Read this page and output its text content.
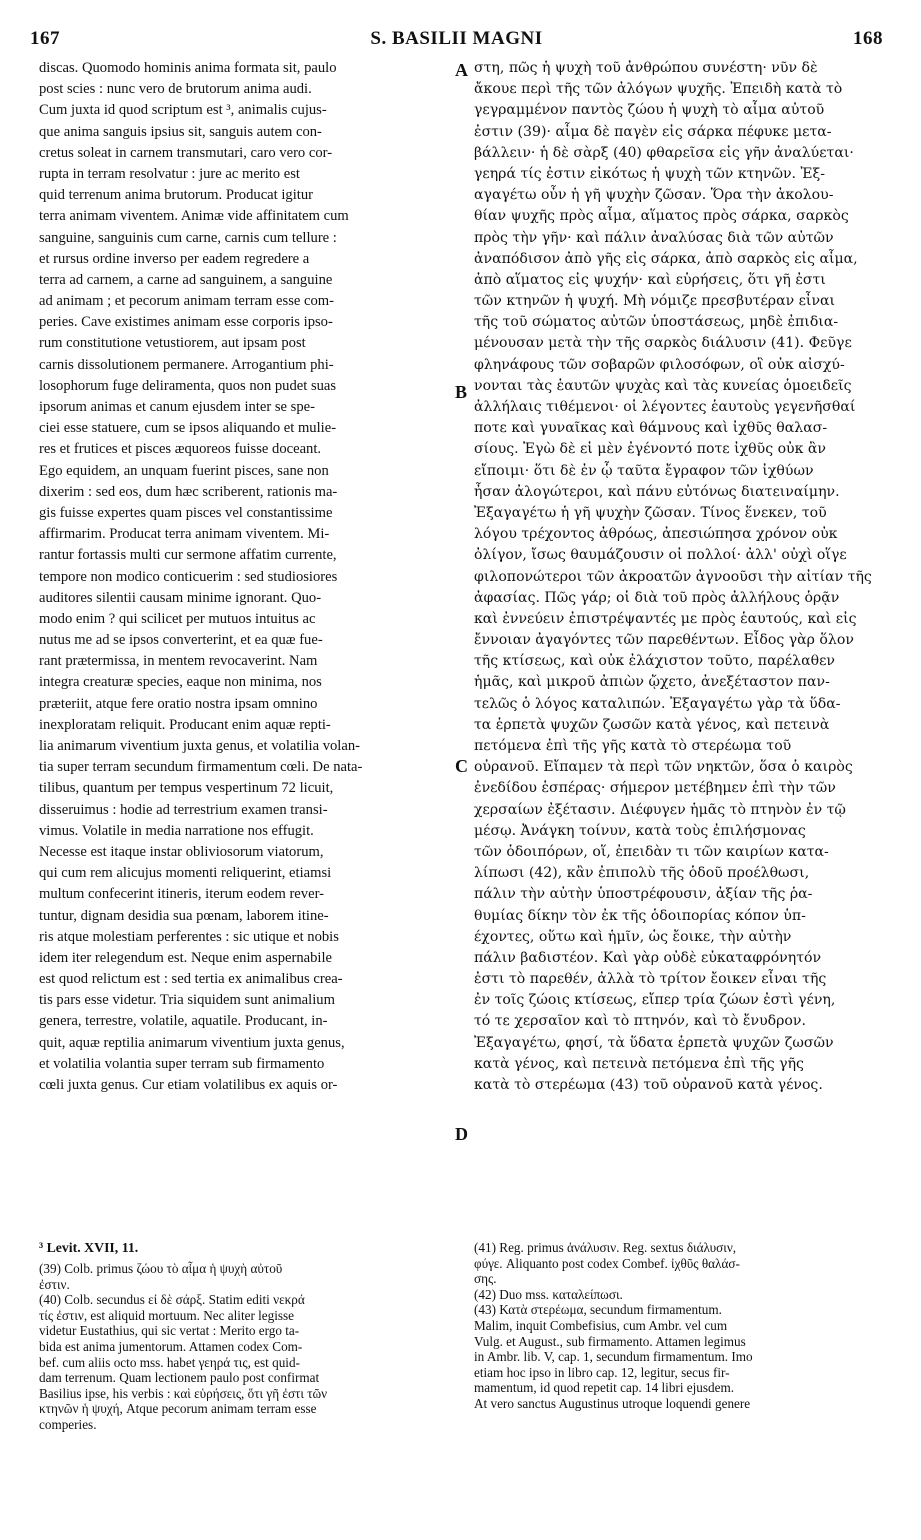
167	S. BASILII MAGNI	168
discas. Quomodo hominis anima formata sit, paulo
post scies : nunc vero de brutorum anima audi.
Cum juxta id quod scriptum est ³, animalis cujus-
que anima sanguis ipsius sit, sanguis autem con-
cretus soleat in carnem transmutari, caro vero cor-
rupta in terram resolvatur : jure ac merito est
quid terrenum anima brutorum. Producat igitur
terra animam viventem. Animæ vide affinitatem cum
sanguine, sanguinis cum carne, carnis cum tellure :
et rursus ordine inverso per eadem regredere a
terra ad carnem, a carne ad sanguinem, a sanguine
ad animam ; et pecorum animam terram esse com-
peries. Cave existimes animam esse corporis ipso-
rum constitutione vetustiorem, aut ipsam post
carnis dissolutionem permanere. Arrogantium phi-
losophorum fuge deliramenta, quos non pudet suas
ipsorum animas et canum ejusdem inter se spe-
ciei esse statuere, cum se ipsos aliquando et mulie-
res et frutices et pisces æquoreos fuisse doceant.
Ego equidem, an unquam fuerint pisces, sane non
dixerim : sed eos, dum hæc scriberent, rationis ma-
gis fuisse expertes quam pisces vel constantissime
affirmarim. Producat terra animam viventem. Mi-
rantur fortassis multi cur sermone affatim currente,
tempore non modico conticuerim : sed studiosiores
auditores silentii causam minime ignorant. Quo-
modo enim ? qui scilicet per mutuos intuitus ac
nutus me ad se ipsos converterint, et ea quæ fue-
rant prætermissa, in mentem revocaverint. Nam
integra creaturæ species, eaque non minima, nos
præteriit, atque fere oratio nostra ipsam omnino
inexploratam reliquit. Producant enim aquæ repti-
lia animarum viventium juxta genus, et volatilia volan-
tia super terram secundum firmamentum cœli. De nata-
tilibus, quantum per tempus vespertinum 72 licuit,
disseruimus : hodie ad terrestrium examen transi-
vimus. Volatile in media narratione nos effugit.
Necesse est itaque instar obliviosorum viatorum,
qui cum rem alicujus momenti reliquerint, etiamsi
multum confecerint itineris, iterum eodem rever-
tuntur, dignam desidia sua pœnam, laborem itine-
ris atque molestiam perferentes : sic utique et nobis
idem iter relegendum est. Neque enim aspernabile
est quod relictum est : sed tertia ex animalibus crea-
tis pars esse videtur. Tria siquidem sunt animalium
genera, terrestre, volatile, aquatile. Producant, in-
quit, aquæ reptilia animarum viventium juxta genus,
et volatilia volantia super terram sub firmamento
cœli juxta genus. Cur etiam volatilibus ex aquis or-
στη, πῶς ἡ ψυχὴ τοῦ ἀνθρώπου συνέστη· νῦν δὲ
ἄκουε περὶ τῆς τῶν ἀλόγων ψυχῆς. Ἐπειδὴ κατὰ τὸ
γεγραμμένον παντὸς ζώου ἡ ψυχὴ τὸ αἷμα αὐτοῦ
ἐστιν (39)· αἷμα δὲ παγὲν εἰς σάρκα πέφυκε μετα-
βάλλειν· ἡ δὲ σὰρξ (40) φθαρεῖσα εἰς γῆν ἀναλύεται·
γεηρά τίς ἐστιν εἰκότως ἡ ψυχὴ τῶν κτηνῶν. Ἐξ-
αγαγέτω οὖν ἡ γῆ ψυχὴν ζῶσαν. Ὅρα τὴν ἀκολου-
θίαν ψυχῆς πρὸς αἷμα, αἵματος πρὸς σάρκα, σαρκὸς
πρὸς τὴν γῆν· καὶ πάλιν ἀναλύσας διὰ τῶν αὐτῶν
ἀναπόδισον ἀπὸ γῆς εἰς σάρκα, ἀπὸ σαρκὸς εἰς αἷμα,
ἀπὸ αἵματος εἰς ψυχήν· καὶ εὑρήσεις, ὅτι γῆ ἐστι
τῶν κτηνῶν ἡ ψυχή. Μὴ νόμιζε πρεσβυτέραν εἶναι
τῆς τοῦ σώματος αὐτῶν ὑποστάσεως, μηδὲ ἐπιδια-
μένουσαν μετὰ τὴν τῆς σαρκὸς διάλυσιν (41). Φεῦγε
φληνάφους τῶν σοβαρῶν φιλοσόφων, οἳ οὐκ αἰσχύ-
νονται τὰς ἑαυτῶν ψυχὰς καὶ τὰς κυνείας ὁμοειδεῖς
ἀλλήλαις τιθέμενοι· οἱ λέγοντες ἑαυτοὺς γεγενῆσθαί
ποτε καὶ γυναῖκας καὶ θάμνους καὶ ἰχθῦς θαλασ-
σίους. Ἐγὼ δὲ εἰ μὲν ἐγένοντό ποτε ἰχθῦς οὐκ ἂν
εἴποιμι· ὅτι δὲ ἐν ᾧ ταῦτα ἔγραφον τῶν ἰχθύων
ἦσαν ἀλογώτεροι, καὶ πάνυ εὐτόνως διατειναίμην.
Ἐξαγαγέτω ἡ γῆ ψυχὴν ζῶσαν. Τίνος ἕνεκεν, τοῦ
λόγου τρέχοντος ἀθρόως, ἀπεσιώπησα χρόνον οὐκ
ὀλίγον, ἴσως θαυμάζουσιν οἱ πολλοί· ἀλλ' οὐχὶ οἵγε
φιλοπονώτεροι τῶν ἀκροατῶν ἀγνοοῦσι τὴν αἰτίαν τῆς
ἀφασίας. Πῶς γάρ; οἱ διὰ τοῦ πρὸς ἀλλήλους ὁρᾷν
καὶ ἐννεύειν ἐπιστρέψαντές με πρὸς ἑαυτούς, καὶ εἰς
ἔννοιαν ἀγαγόντες τῶν παρεθέντων. Εἶδος γὰρ ὅλον
τῆς κτίσεως, καὶ οὐκ ἐλάχιστον τοῦτο, παρέλαθεν
ἡμᾶς, καὶ μικροῦ ἀπιὼν ᾤχετο, ἀνεξέταστον παν-
τελῶς ὁ λόγος καταλιπών. Ἐξαγαγέτω γὰρ τὰ ὕδα-
τα ἑρπετὰ ψυχῶν ζωσῶν κατὰ γένος, καὶ πετεινὰ
πετόμενα ἐπὶ τῆς γῆς κατὰ τὸ στερέωμα τοῦ
οὐρανοῦ. Εἴπαμεν τὰ περὶ τῶν νηκτῶν, ὅσα ὁ καιρὸς
ἐνεδίδου ἑσπέρας· σήμερον μετέβημεν ἐπὶ τὴν τῶν
χερσαίων ἐξέτασιν. Διέφυγεν ἡμᾶς τὸ πτηνὸν ἐν τῷ
μέσῳ. Ἀνάγκη τοίνυν, κατὰ τοὺς ἐπιλήσμονας
τῶν ὁδοιπόρων, οἵ, ἐπειδὰν τι τῶν καιρίων κατα-
λίπωσι (42), κἂν ἐπιπολὺ τῆς ὁδοῦ προέλθωσι,
πάλιν τὴν αὐτὴν ὑποστρέφουσιν, ἀξίαν τῆς ῥα-
θυμίας δίκην τὸν ἐκ τῆς ὁδοιπορίας κόπον ὑπ-
έχοντες, οὕτω καὶ ἡμῖν, ὡς ἔοικε, τὴν αὐτὴν
πάλιν βαδιστέον. Καὶ γὰρ οὐδὲ εὐκαταφρόνητόν
ἐστι τὸ παρεθέν, ἀλλὰ τὸ τρίτον ἔοικεν εἶναι τῆς
ἐν τοῖς ζώοις κτίσεως, εἴπερ τρία ζώων ἐστὶ γένη,
τό τε χερσαῖον καὶ τὸ πτηνόν, καὶ τὸ ἔνυδρον.
Ἐξαγαγέτω, φησί, τὰ ὕδατα ἑρπετὰ ψυχῶν ζωσῶν
κατὰ γένος, καὶ πετεινὰ πετόμενα ἐπὶ τῆς γῆς
κατὰ τὸ στερέωμα (43) τοῦ οὐρανοῦ κατὰ γένος.
A
B
C
D
³ Levit. XVII, 11.
(39) Colb. primus ζώου τὸ αἷμα ἡ ψυχὴ αὐτοῦ
ἐστιν.
(40) Colb. secundus εἰ δὲ σάρξ. Statim editi νεκρά
τίς ἐστιν, est aliquid mortuum. Nec aliter legisse
videtur Eustathius, qui sic vertat : Merito ergo ta-
bida est anima jumentorum. Attamen codex Com-
bef. cum aliis octo mss. habet γεηρά τις, est quid-
dam terrenum. Quam lectionem paulo post confirmat
Basilius ipse, his verbis : καὶ εὑρήσεις, ὅτι γῆ ἐστι τῶν
κτηνῶν ἡ ψυχή, Atque pecorum animam terram esse
comperies.
(41) Reg. primus ἀνάλυσιν. Reg. sextus διάλυσιν,
φύγε. Aliquanto post codex Combef. ἰχθῦς θαλάσ-
σης.
(42) Duo mss. καταλείπωσι.
(43) Κατὰ στερέωμα, secundum firmamentum.
Malim, inquit Combefisius, cum Ambr. vel cum
Vulg. et August., sub firmamento. Attamen legimus
in Ambr. lib. V, cap. 1, secundum firmamentum. Imo
etiam hoc ipso in libro cap. 12, legitur, secus fir-
mamentum, id quod repetit cap. 14 libri ejusdem.
At vero sanctus Augustinus utroque loquendi genere
